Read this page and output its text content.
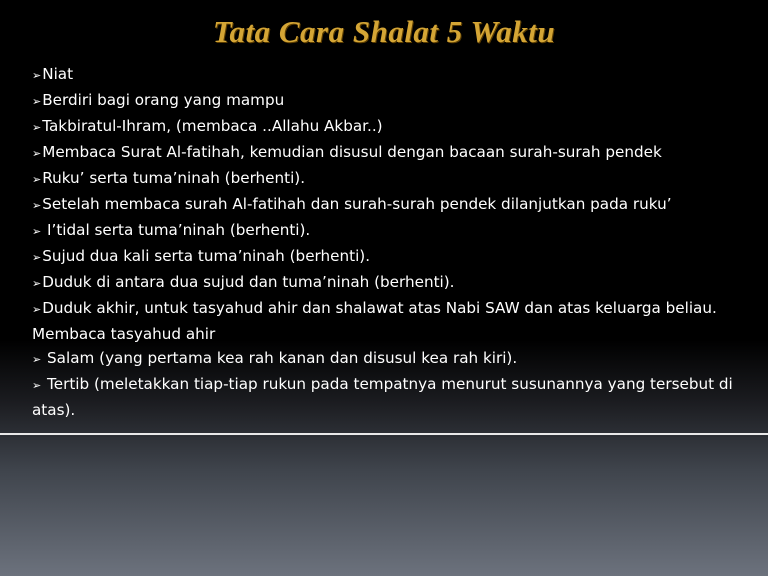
Tata Cara Shalat 5 Waktu

➢Niat

➢Berdiri bagi orang yang mampu

➢Takbiratul-Ihram, (membaca ..Allahu Akbar..)

➢Membaca Surat Al-fatihah, kemudian disusul dengan bacaan surah-surah pendek

➢Ruku’ serta tuma’ninah (berhenti).

➢Setelah membaca surah Al-fatihah dan surah-surah pendek dilanjutkan pada ruku’

➢ I’tidal serta tuma’ninah (berhenti).

➢Sujud dua kali serta tuma’ninah (berhenti).

➢Duduk di antara dua sujud dan tuma’ninah (berhenti).

➢Duduk akhir, untuk tasyahud ahir dan shalawat atas Nabi SAW dan atas keluarga beliau.

Membaca tasyahud ahir

➢ Salam (yang pertama kea rah kanan dan disusul kea rah kiri).

➢ Tertib (meletakkan tiap-tiap rukun pada tempatnya menurut susunannya yang tersebut di atas).
